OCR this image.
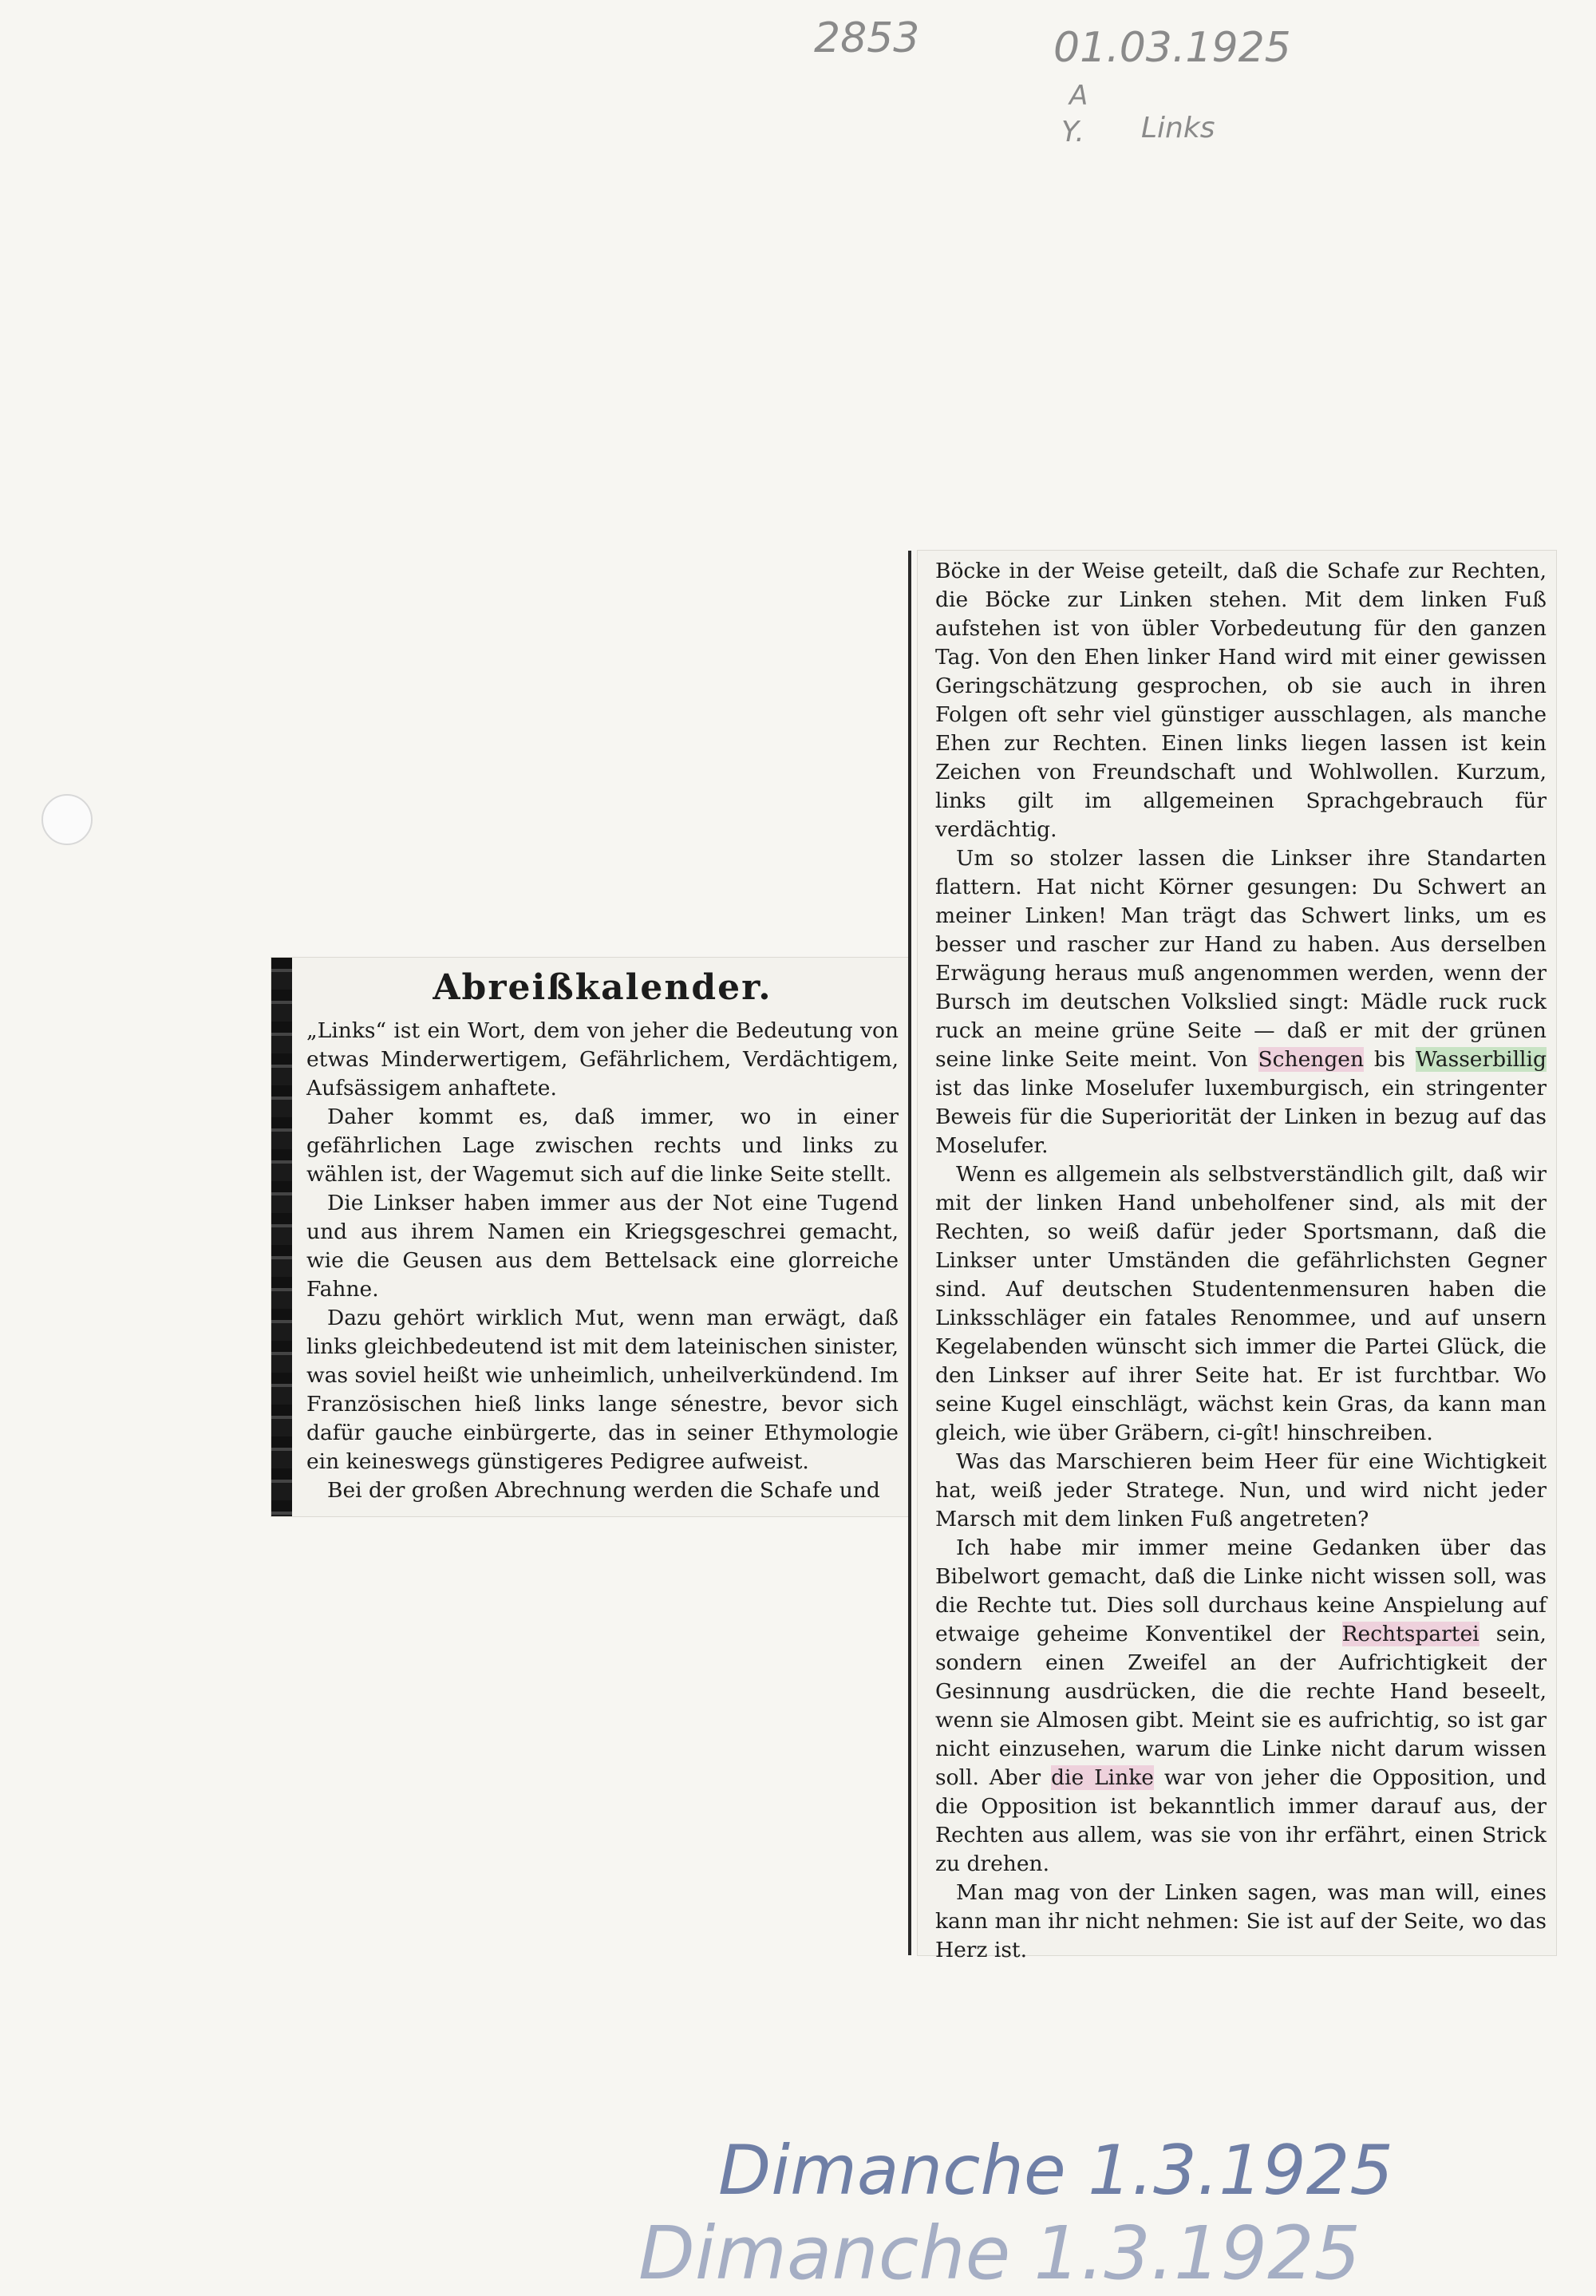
2853	01.03.1925
A
Y. Links
Abreißkalender.

„Links“ ist ein Wort, dem von jeher die Bedeutung von etwas Minderwertigem, Gefährlichem, Verdächtigem, Aufsässigem anhaftete.

Daher kommt es, daß immer, wo in einer gefährlichen Lage zwischen rechts und links zu wählen ist, der Wagemut sich auf die linke Seite stellt.

Die Linkser haben immer aus der Not eine Tugend und aus ihrem Namen ein Kriegsgeschrei gemacht, wie die Geusen aus dem Bettelsack eine glorreiche Fahne.

Dazu gehört wirklich Mut, wenn man erwägt, daß links gleichbedeutend ist mit dem lateinischen sinister, was soviel heißt wie unheimlich, unheilverkündend. Im Französischen hieß links lange sénestre, bevor sich dafür gauche einbürgerte, das in seiner Ethymologie ein keineswegs günstigeres Pedigree aufweist.

Bei der großen Abrechnung werden die Schafe und

Böcke in der Weise geteilt, daß die Schafe zur Rechten, die Böcke zur Linken stehen. Mit dem linken Fuß aufstehen ist von übler Vorbedeutung für den ganzen Tag. Von den Ehen linker Hand wird mit einer gewissen Geringschätzung gesprochen, ob sie auch in ihren Folgen oft sehr viel günstiger ausschlagen, als manche Ehen zur Rechten. Einen links liegen lassen ist kein Zeichen von Freundschaft und Wohlwollen. Kurzum, links gilt im allgemeinen Sprachgebrauch für verdächtig.

Um so stolzer lassen die Linkser ihre Standarten flattern. Hat nicht Körner gesungen: Du Schwert an meiner Linken! Man trägt das Schwert links, um es besser und rascher zur Hand zu haben. Aus derselben Erwägung heraus muß angenommen werden, wenn der Bursch im deutschen Volkslied singt: Mädle ruck ruck ruck an meine grüne Seite — daß er mit der grünen seine linke Seite meint. Von Schengen bis Wasserbillig ist das linke Moselufer luxemburgisch, ein stringenter Beweis für die Superiorität der Linken in bezug auf das Moselufer.

Wenn es allgemein als selbstverständlich gilt, daß wir mit der linken Hand unbeholfener sind, als mit der Rechten, so weiß dafür jeder Sportsmann, daß die Linkser unter Umständen die gefährlichsten Gegner sind. Auf deutschen Studentenmensuren haben die Linksschläger ein fatales Renommee, und auf unsern Kegelabenden wünscht sich immer die Partei Glück, die den Linkser auf ihrer Seite hat. Er ist furchtbar. Wo seine Kugel einschlägt, wächst kein Gras, da kann man gleich, wie über Gräbern, ci-gît! hinschreiben.

Was das Marschieren beim Heer für eine Wichtigkeit hat, weiß jeder Stratege. Nun, und wird nicht jeder Marsch mit dem linken Fuß angetreten?

Ich habe mir immer meine Gedanken über das Bibelwort gemacht, daß die Linke nicht wissen soll, was die Rechte tut. Dies soll durchaus keine Anspielung auf etwaige geheime Konventikel der Rechtspartei sein, sondern einen Zweifel an der Aufrichtigkeit der Gesinnung ausdrücken, die die rechte Hand beseelt, wenn sie Almosen gibt. Meint sie es aufrichtig, so ist gar nicht einzusehen, warum die Linke nicht darum wissen soll. Aber die Linke war von jeher die Opposition, und die Opposition ist bekanntlich immer darauf aus, der Rechten aus allem, was sie von ihr erfährt, einen Strick zu drehen.

Man mag von der Linken sagen, was man will, eines kann man ihr nicht nehmen: Sie ist auf der Seite, wo das Herz ist.

Dimanche 1.3.1925
Dimanche 1.3.1925
